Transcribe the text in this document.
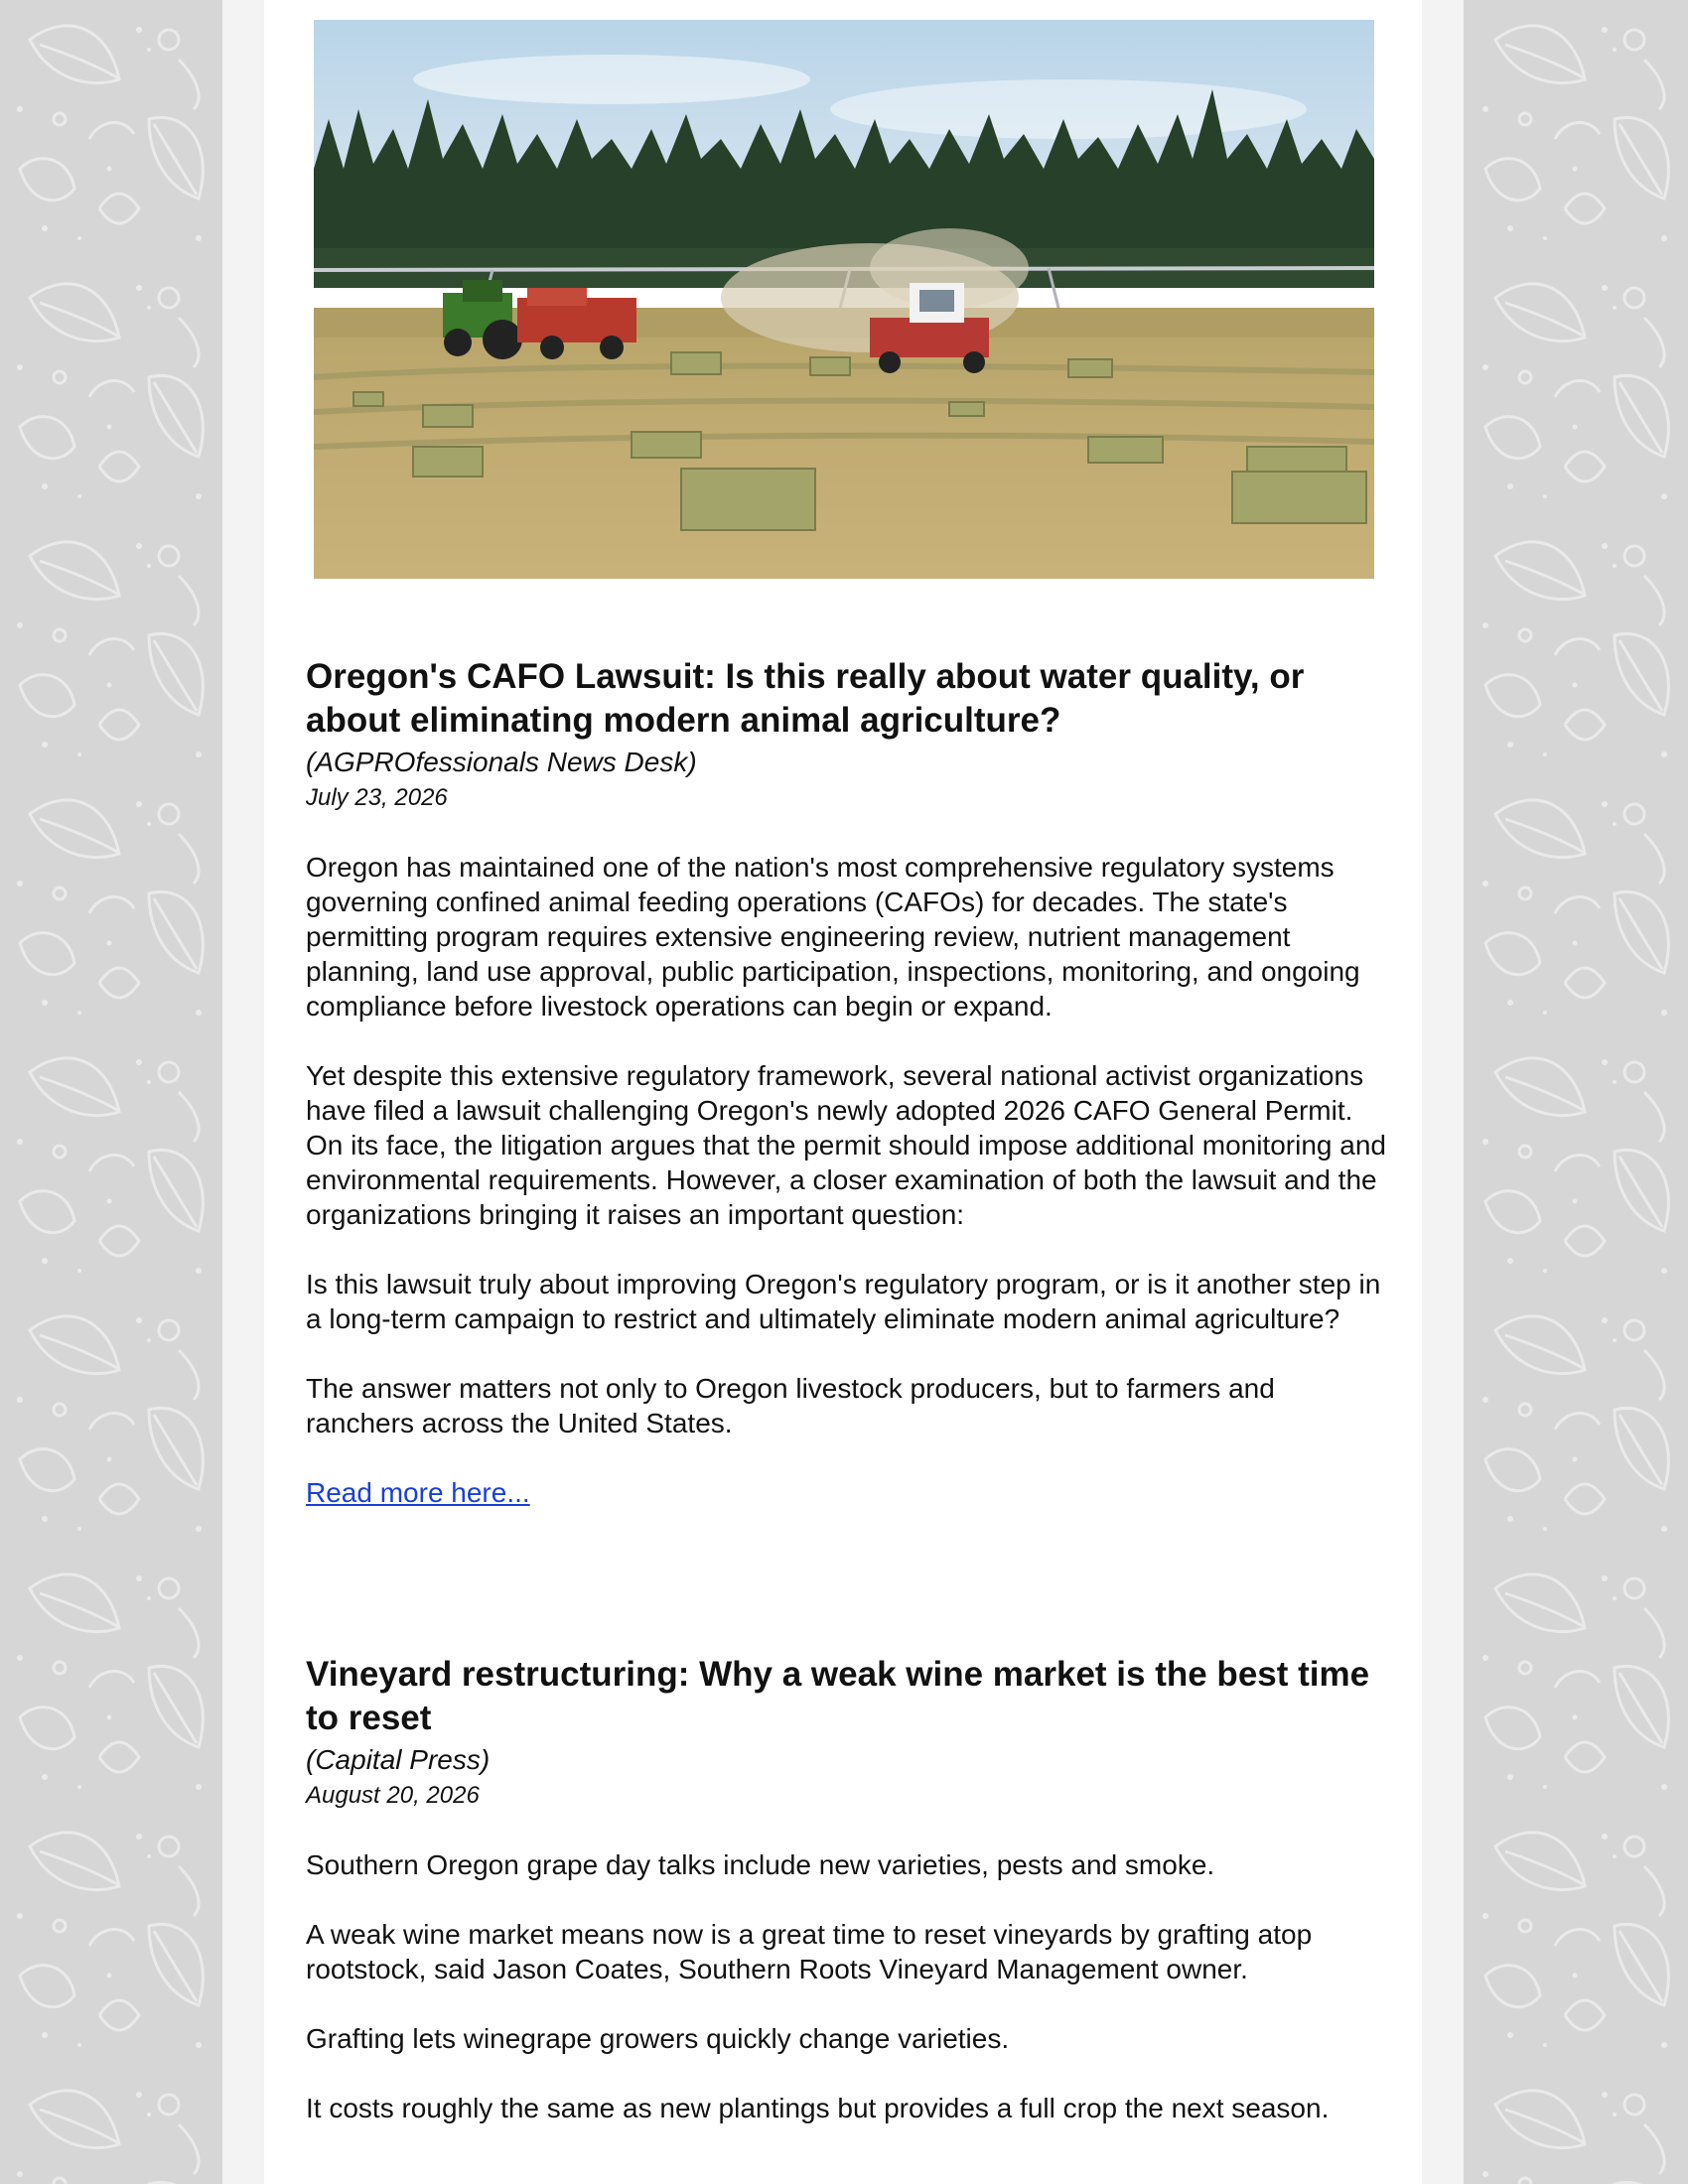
Oregon's CAFO Lawsuit: Is this really about water quality, or about eliminating modern animal agriculture?
(AGPROfessionals News Desk)
July 23, 2026

Oregon has maintained one of the nation's most comprehensive regulatory systems governing confined animal feeding operations (CAFOs) for decades. The state's permitting program requires extensive engineering review, nutrient management planning, land use approval, public participation, inspections, monitoring, and ongoing compliance before livestock operations can begin or expand.

Yet despite this extensive regulatory framework, several national activist organizations have filed a lawsuit challenging Oregon's newly adopted 2026 CAFO General Permit. On its face, the litigation argues that the permit should impose additional monitoring and environmental requirements. However, a closer examination of both the lawsuit and the organizations bringing it raises an important question:

Is this lawsuit truly about improving Oregon's regulatory program, or is it another step in a long-term campaign to restrict and ultimately eliminate modern animal agriculture?

The answer matters not only to Oregon livestock producers, but to farmers and ranchers across the United States.

Read more here...

Vineyard restructuring: Why a weak wine market is the best time to reset
(Capital Press)
August 20, 2026

Southern Oregon grape day talks include new varieties, pests and smoke.

A weak wine market means now is a great time to reset vineyards by grafting atop rootstock, said Jason Coates, Southern Roots Vineyard Management owner.

Grafting lets winegrape growers quickly change varieties.

It costs roughly the same as new plantings but provides a full crop the next season.
